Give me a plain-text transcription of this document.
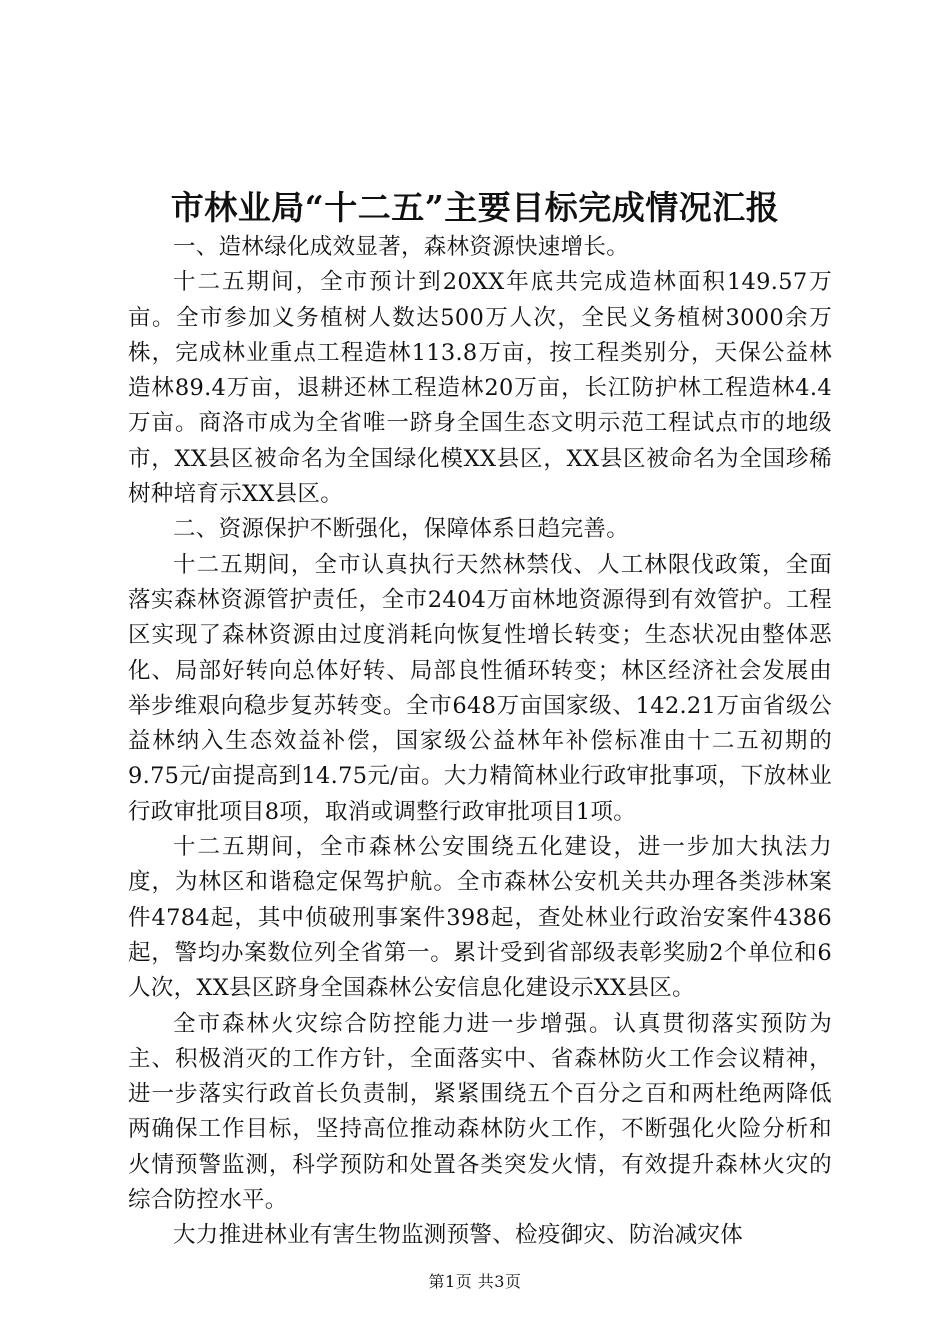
市林业局“十二五”主要目标完成情况汇报

一、造林绿化成效显著，森林资源快速增长。

十二五期间，全市预计到20XX年底共完成造林面积149.57万亩。全市参加义务植树人数达500万人次，全民义务植树3000余万株，完成林业重点工程造林113.8万亩，按工程类别分，天保公益林造林89.4万亩，退耕还林工程造林20万亩，长江防护林工程造林4.4万亩。商洛市成为全省唯一跻身全国生态文明示范工程试点市的地级市，XX县区被命名为全国绿化模XX县区，XX县区被命名为全国珍稀树种培育示XX县区。

二、资源保护不断强化，保障体系日趋完善。

十二五期间，全市认真执行天然林禁伐、人工林限伐政策，全面落实森林资源管护责任，全市2404万亩林地资源得到有效管护。工程区实现了森林资源由过度消耗向恢复性增长转变；生态状况由整体恶化、局部好转向总体好转、局部良性循环转变；林区经济社会发展由举步维艰向稳步复苏转变。全市648万亩国家级、142.21万亩省级公益林纳入生态效益补偿，国家级公益林年补偿标准由十二五初期的9.75元/亩提高到14.75元/亩。大力精简林业行政审批事项，下放林业行政审批项目8项，取消或调整行政审批项目1项。

十二五期间，全市森林公安围绕五化建设，进一步加大执法力度，为林区和谐稳定保驾护航。全市森林公安机关共办理各类涉林案件4784起，其中侦破刑事案件398起，查处林业行政治安案件4386起，警均办案数位列全省第一。累计受到省部级表彰奖励2个单位和6人次，XX县区跻身全国森林公安信息化建设示XX县区。

全市森林火灾综合防控能力进一步增强。认真贯彻落实预防为主、积极消灭的工作方针，全面落实中、省森林防火工作会议精神，进一步落实行政首长负责制，紧紧围绕五个百分之百和两杜绝两降低两确保工作目标，坚持高位推动森林防火工作，不断强化火险分析和火情预警监测，科学预防和处置各类突发火情，有效提升森林火灾的综合防控水平。

大力推进林业有害生物监测预警、检疫御灾、防治减灾体

第1页 共3页
